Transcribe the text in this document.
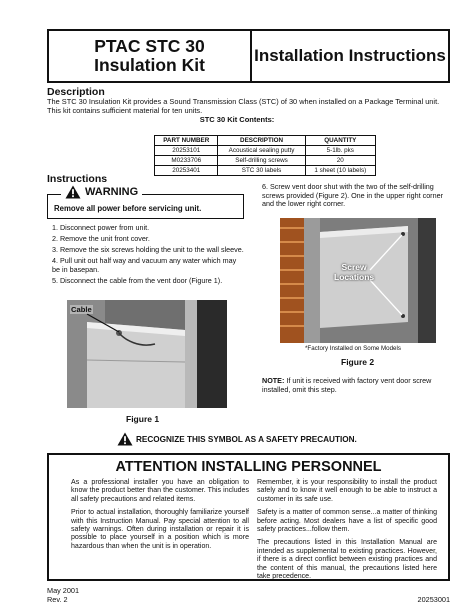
PTAC STC 30
Insulation Kit	Installation Instructions
Description
The STC 30 Insulation Kit provides a Sound Transmission Class (STC) of 30 when installed on a Package Terminal unit. This kit contains sufficient material for ten units.
STC 30 Kit Contents:
PART NUMBER	DESCRIPTION	QUANTITY
20253101	Acoustical sealing putty	5-1lb. pks
M0233706	Self-drilling screws	20
20253401	STC 30 labels	1 sheet (10 labels)
Instructions
WARNING
Remove all power before servicing unit.
1. Disconnect power from unit.
2. Remove the unit front cover.
3. Remove the six screws holding the unit to the wall sleeve.
4. Pull unit out half way and vacuum any water which may be in basepan.
5. Disconnect the cable from the vent door (Figure 1).
Cable
Figure 1
6. Screw vent door shut with the two of the self-drilling screws provided (Figure 2). One in the upper right corner and the lower right corner.
Screw
Locations
*Factory Installed on Some Models
Figure 2
NOTE: If unit is received with factory vent door screw installed, omit this step.
RECOGNIZE THIS SYMBOL AS A SAFETY PRECAUTION.
ATTENTION INSTALLING PERSONNEL

As a professional installer you have an obligation to know the product better than the customer. This includes all safety precautions and related items.

Prior to actual installation, thoroughly familiarize yourself with this Instruction Manual. Pay special attention to all safety warnings. Often during installation or repair it is possible to place yourself in a position which is more hazardous than when the unit is in operation.

Remember, it is your responsibility to install the product safely and to know it well enough to be able to instruct a customer in its safe use.

Safety is a matter of common sense...a matter of thinking before acting. Most dealers have a list of specific good safety practices...follow them.

The precautions listed in this Installation Manual are intended as supplemental to existing practices. However, if there is a direct conflict between existing practices and the content of this manual, the precautions listed here take precedence.

May 2001
Rev. 2	20253001
